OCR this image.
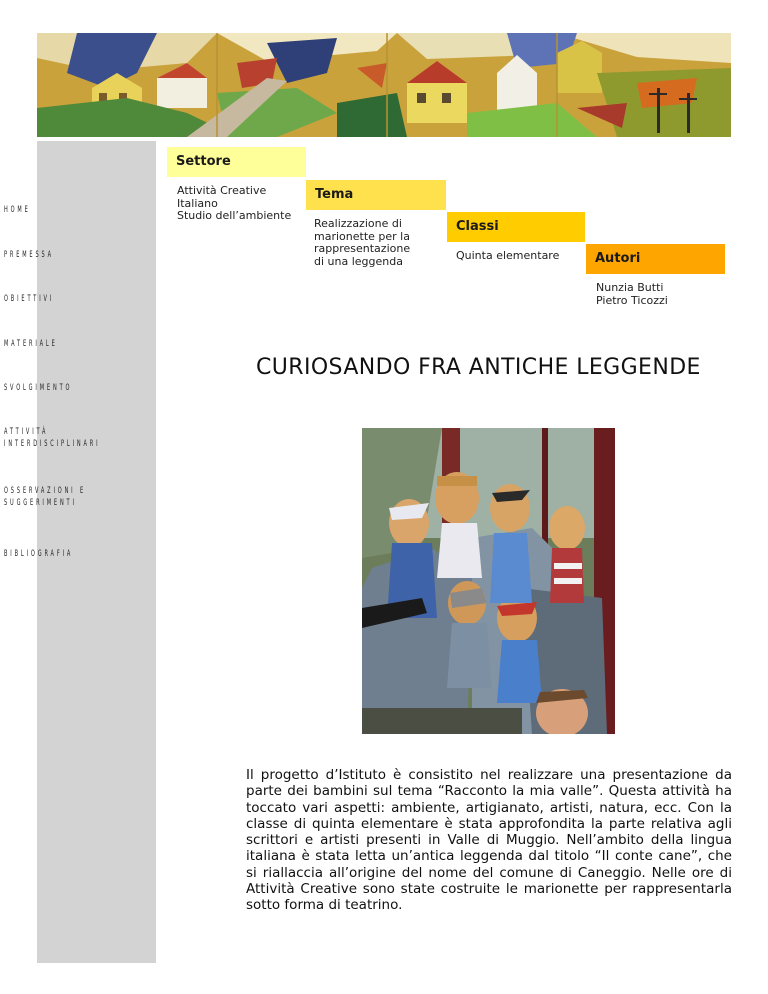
HOME
PREMESSA
OBIETTIVI
MATERIALE
SVOLGIMENTO
ATTIVITÀ INTERDISCIPLINARI
OSSERVAZIONI E SUGGERIMENTI
BIBLIOGRAFIA
Settore
Attività Creative
Italiano
Studio dell’ambiente
Tema
Realizzazione di
marionette per la
rappresentazione
di una leggenda
Classi
Quinta elementare	Autori
Nunzia Butti
Pietro Ticozzi
CURIOSANDO FRA ANTICHE LEGGENDE
Il progetto d’Istituto è consistito nel realizzare una presentazione da parte dei bambini sul tema “Racconto la mia valle”. Questa attività ha toccato vari aspetti: ambiente, artigianato, artisti, natura, ecc. Con la classe di quinta elementare è stata approfondita la parte relativa agli scrittori e artisti presenti in Valle di Muggio. Nell’ambito della lingua italiana è stata letta un’antica leggenda dal titolo “Il conte cane”, che si riallaccia all’origine del nome del comune di Caneggio. Nelle ore di Attività Creative sono state costruite le marionette per rappresentarla sotto forma di teatrino.
